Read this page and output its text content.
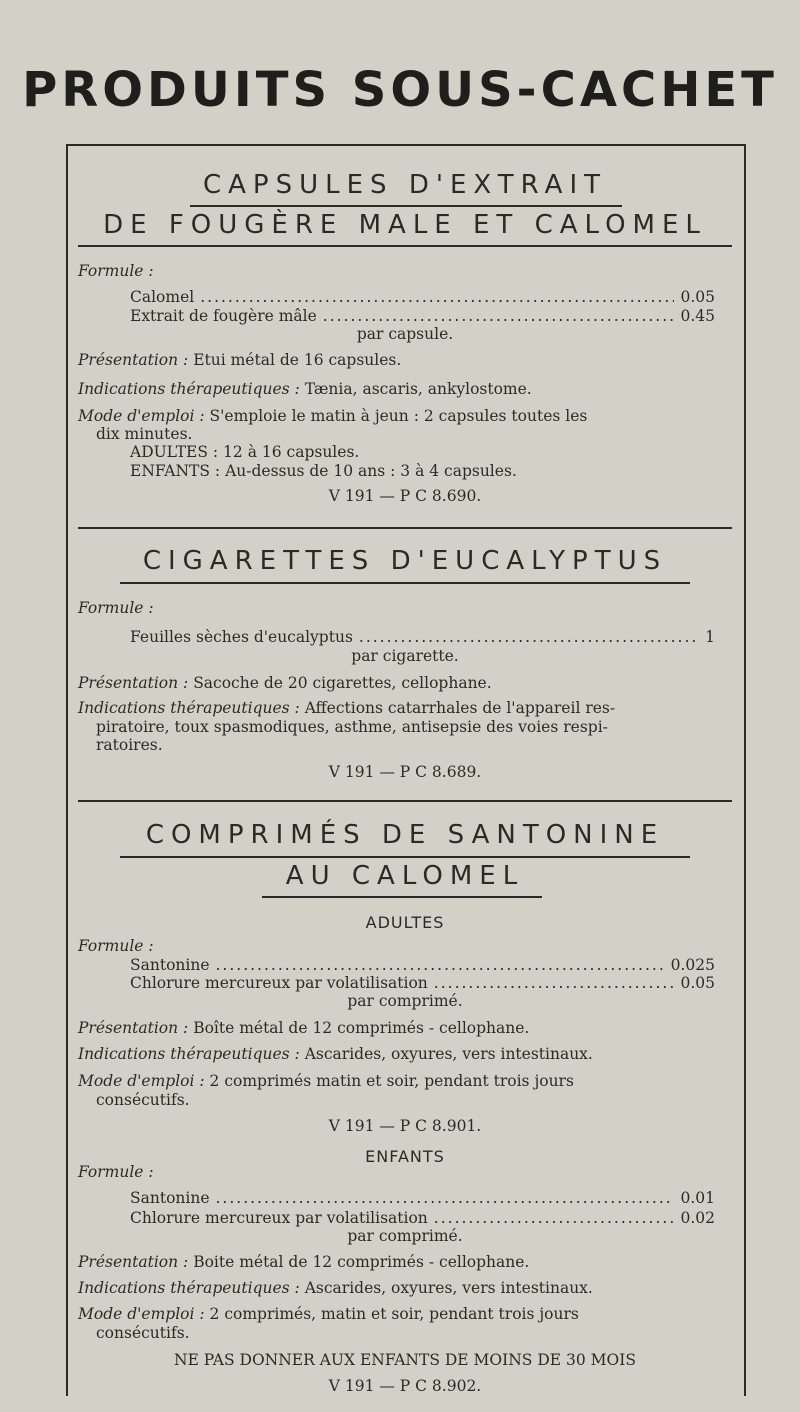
PRODUITS SOUS-CACHET
CAPSULES D'EXTRAIT
DE FOUGÈRE MALE ET CALOMEL
Formule :
Calomel .....	0.05
Extrait de fougère mâle .....	0.45
par capsule.
Présentation : Etui métal de 16 capsules.
Indications thérapeutiques : Tænia, ascaris, ankylostome.
Mode d'emploi : S'emploie le matin à jeun : 2 capsules toutes les
dix minutes.
ADULTES : 12 à 16 capsules.
ENFANTS : Au-dessus de 10 ans : 3 à 4 capsules.
V 191 — P C 8.690.
CIGARETTES D'EUCALYPTUS
Formule :
Feuilles sèches d'eucalyptus .....	1
par cigarette.
Présentation : Sacoche de 20 cigarettes, cellophane.
Indications thérapeutiques : Affections catarrhales de l'appareil res-
piratoire, toux spasmodiques, asthme, antisepsie des voies respi-
ratoires.
V 191 — P C 8.689.
COMPRIMÉS DE SANTONINE
AU CALOMEL
ADULTES
Formule :
Santonine .....	0.025
Chlorure mercureux par volatilisation .....	0.05
par comprimé.
Présentation : Boîte métal de 12 comprimés - cellophane.
Indications thérapeutiques : Ascarides, oxyures, vers intestinaux.
Mode d'emploi : 2 comprimés matin et soir, pendant trois jours
consécutifs.
V 191 — P C 8.901.
ENFANTS
Formule :
Santonine .....	0.01
Chlorure mercureux par volatilisation .....	0.02
par comprimé.
Présentation : Boite métal de 12 comprimés - cellophane.
Indications thérapeutiques : Ascarides, oxyures, vers intestinaux.
Mode d'emploi : 2 comprimés, matin et soir, pendant trois jours
consécutifs.
NE PAS DONNER AUX ENFANTS DE MOINS DE 30 MOIS
V 191 — P C 8.902.
